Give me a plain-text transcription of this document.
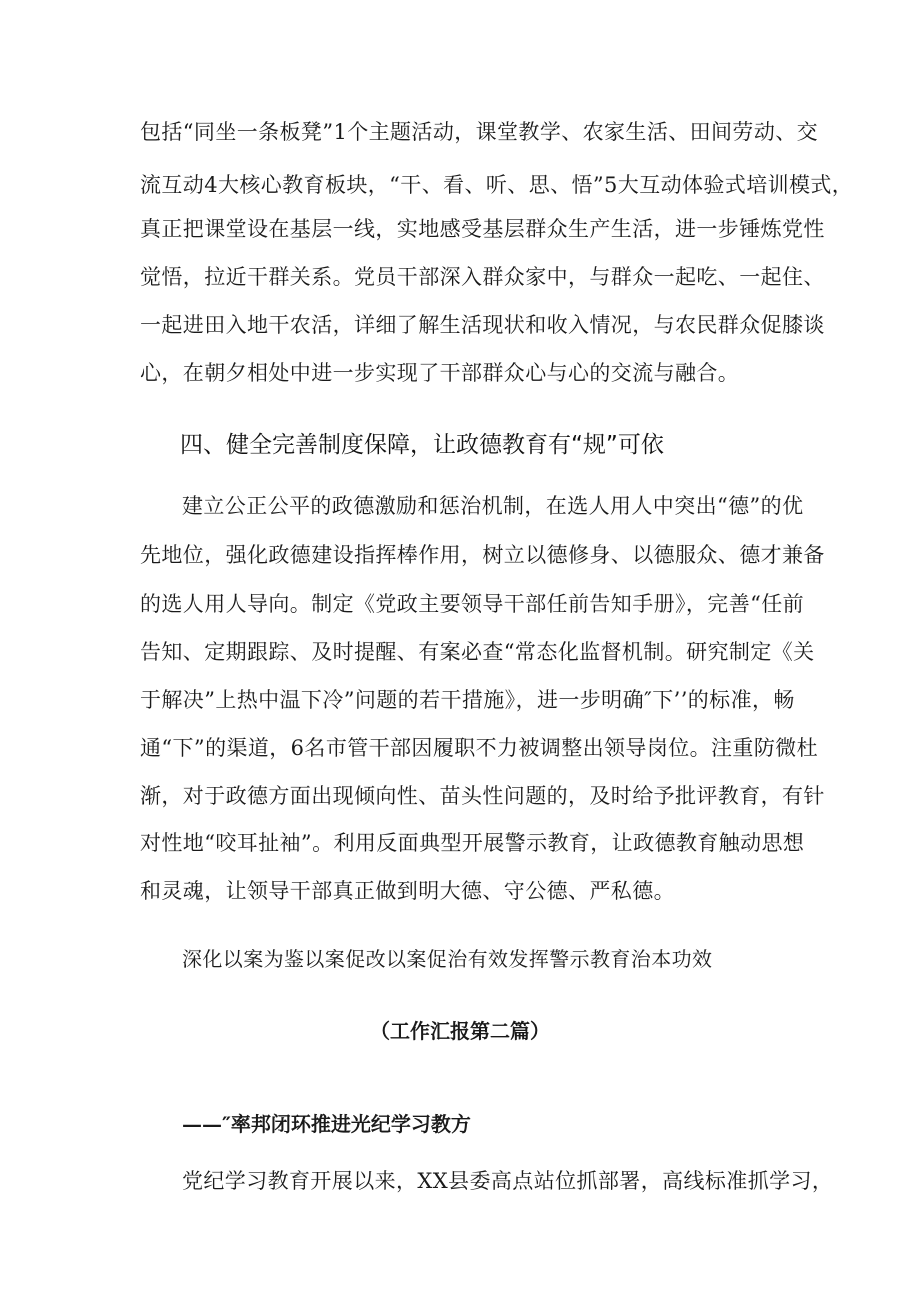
包括“同坐一条板凳”1个主题活动，课堂教学、农家生活、田间劳动、交
流互动4大核心教育板块，“干、看、听、思、悟”5大互动体验式培训模式，
真正把课堂设在基层一线，实地感受基层群众生产生活，进一步锤炼党性
觉悟，拉近干群关系。党员干部深入群众家中，与群众一起吃、一起住、
一起进田入地干农活，详细了解生活现状和收入情况，与农民群众促膝谈
心，在朝夕相处中进一步实现了干部群众心与心的交流与融合。
四、健全完善制度保障，让政德教育有“规”可依
建立公正公平的政德激励和惩治机制，在选人用人中突出“德”的优
先地位，强化政德建设指挥棒作用，树立以德修身、以德服众、德才兼备
的选人用人导向。制定《党政主要领导干部任前告知手册》，完善“任前
告知、定期跟踪、及时提醒、有案必查“常态化监督机制。研究制定《关
于解决”上热中温下冷”问题的若干措施》，进一步明确″下’’的标准，畅
通“下”的渠道，6名市管干部因履职不力被调整出领导岗位。注重防微杜
渐，对于政德方面出现倾向性、苗头性问题的，及时给予批评教育，有针
对性地“咬耳扯袖”。利用反面典型开展警示教育，让政德教育触动思想
和灵魂，让领导干部真正做到明大德、守公德、严私德。
深化以案为鉴以案促改以案促治有效发挥警示教育治本功效
（工作汇报第二篇）
——″率邦闭环推进光纪学习教方
党纪学习教育开展以来，XX县委高点站位抓部署，高线标准抓学习，
